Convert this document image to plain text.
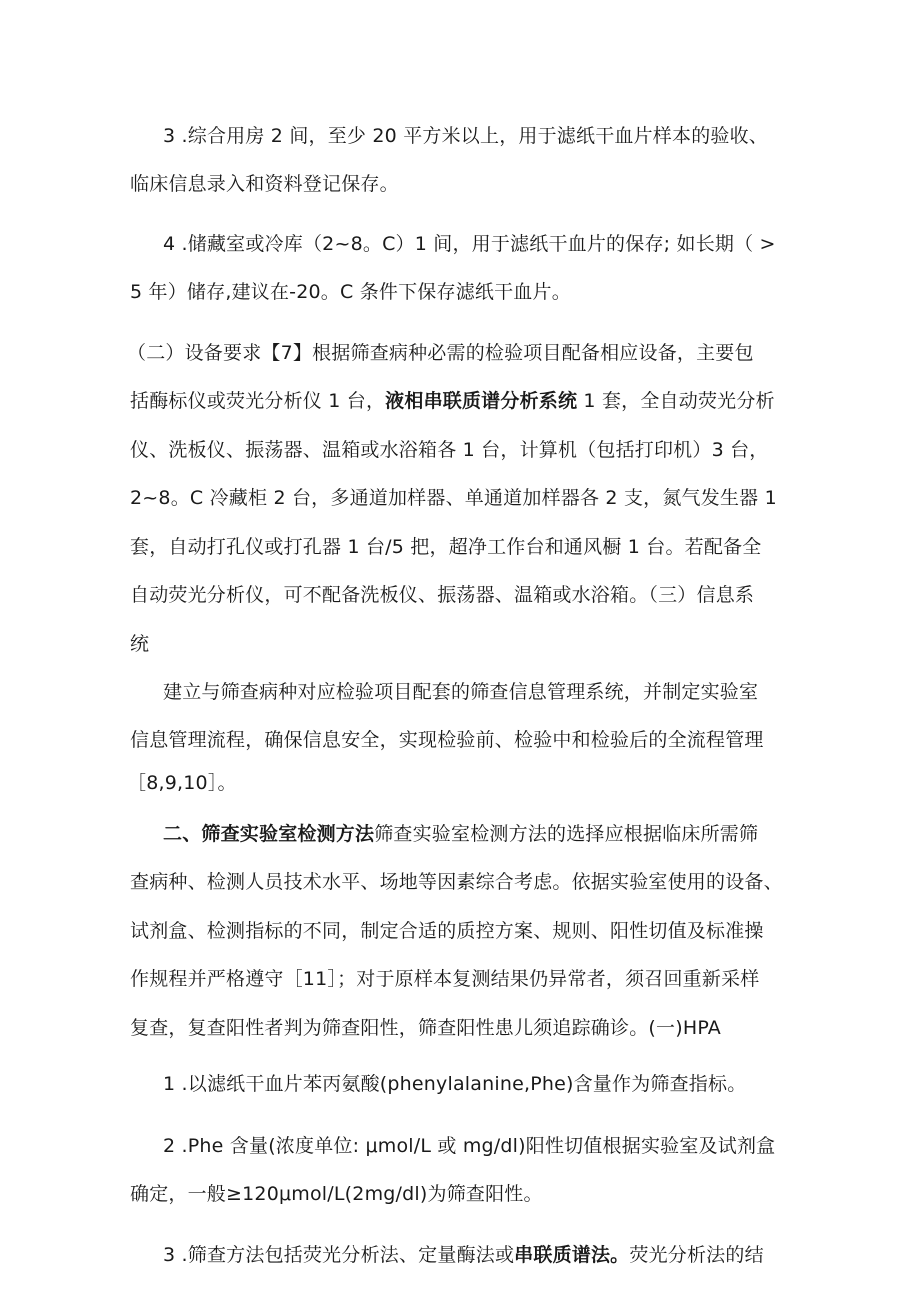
3 .综合用房 2 间，至少 20 平方米以上，用于滤纸干血片样本的验收、
临床信息录入和资料登记保存。
4 .储藏室或冷库（2~8。C）1 间，用于滤纸干血片的保存; 如长期（ >
5 年）储存,建议在-20。C 条件下保存滤纸干血片。
（二）设备要求【7】根据筛查病种必需的检验项目配备相应设备，主要包
括酶标仪或荧光分析仪 1 台，液相串联质谱分析系统 1 套，全自动荧光分析
仪、洗板仪、振荡器、温箱或水浴箱各 1 台，计算机（包括打印机）3 台，
2~8。C 冷藏柜 2 台，多通道加样器、单通道加样器各 2 支，氮气发生器 1
套，自动打孔仪或打孔器 1 台/5 把，超净工作台和通风橱 1 台。若配备全
自动荧光分析仪，可不配备洗板仪、振荡器、温箱或水浴箱。（三）信息系
统
建立与筛查病种对应检验项目配套的筛查信息管理系统，并制定实验室
信息管理流程，确保信息安全，实现检验前、检验中和检验后的全流程管理
［8,9,10］。
二、筛查实验室检测方法筛查实验室检测方法的选择应根据临床所需筛
查病种、检测人员技术水平、场地等因素综合考虑。依据实验室使用的设备、
试剂盒、检测指标的不同，制定合适的质控方案、规则、阳性切值及标准操
作规程并严格遵守［11］；对于原样本复测结果仍异常者，须召回重新采样
复查，复查阳性者判为筛查阳性，筛查阳性患儿须追踪确诊。(一)HPA
1 .以滤纸干血片苯丙氨酸(phenylalanine,Phe)含量作为筛查指标。
2 .Phe 含量(浓度单位: μmol∕L 或 mg/dl)阳性切值根据实验室及试剂盒
确定，一般≥120μmol∕L(2mg/dl)为筛查阳性。
3 .筛查方法包括荧光分析法、定量酶法或串联质谱法。荧光分析法的结
